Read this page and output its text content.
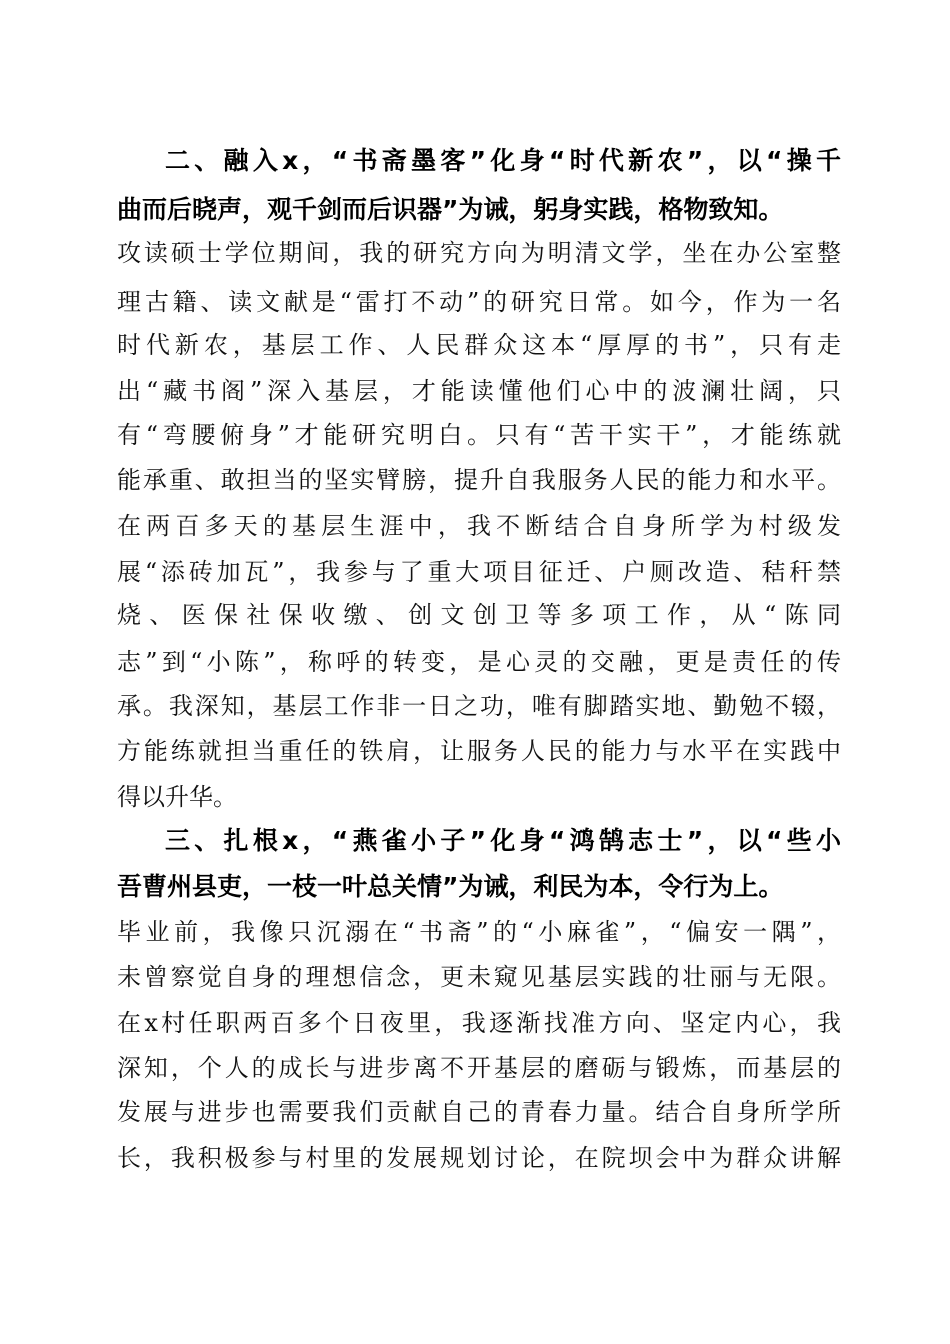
二、融入x，“书斋墨客”化身“时代新农”，以“操千
曲而后晓声，观千剑而后识器”为诫，躬身实践，格物致知。
攻读硕士学位期间，我的研究方向为明清文学，坐在办公室整
理古籍、读文献是“雷打不动”的研究日常。如今，作为一名
时代新农，基层工作、人民群众这本“厚厚的书”，只有走
出“藏书阁”深入基层，才能读懂他们心中的波澜壮阔，只
有“弯腰俯身”才能研究明白。只有“苦干实干”，才能练就
能承重、敢担当的坚实臂膀，提升自我服务人民的能力和水平。
在两百多天的基层生涯中，我不断结合自身所学为村级发
展“添砖加瓦”，我参与了重大项目征迁、户厕改造、秸秆禁
烧、医保社保收缴、创文创卫等多项工作，从“陈同
志”到“小陈”，称呼的转变，是心灵的交融，更是责任的传
承。我深知，基层工作非一日之功，唯有脚踏实地、勤勉不辍，
方能练就担当重任的铁肩，让服务人民的能力与水平在实践中
得以升华。
三、扎根x，“燕雀小子”化身“鸿鹄志士”，以“些小
吾曹州县吏，一枝一叶总关情”为诫，利民为本，令行为上。
毕业前，我像只沉溺在“书斋”的“小麻雀”，“偏安一隅”，
未曾察觉自身的理想信念，更未窥见基层实践的壮丽与无限。
在x村任职两百多个日夜里，我逐渐找准方向、坚定内心，我
深知，个人的成长与进步离不开基层的磨砺与锻炼，而基层的
发展与进步也需要我们贡献自己的青春力量。结合自身所学所
长，我积极参与村里的发展规划讨论，在院坝会中为群众讲解
